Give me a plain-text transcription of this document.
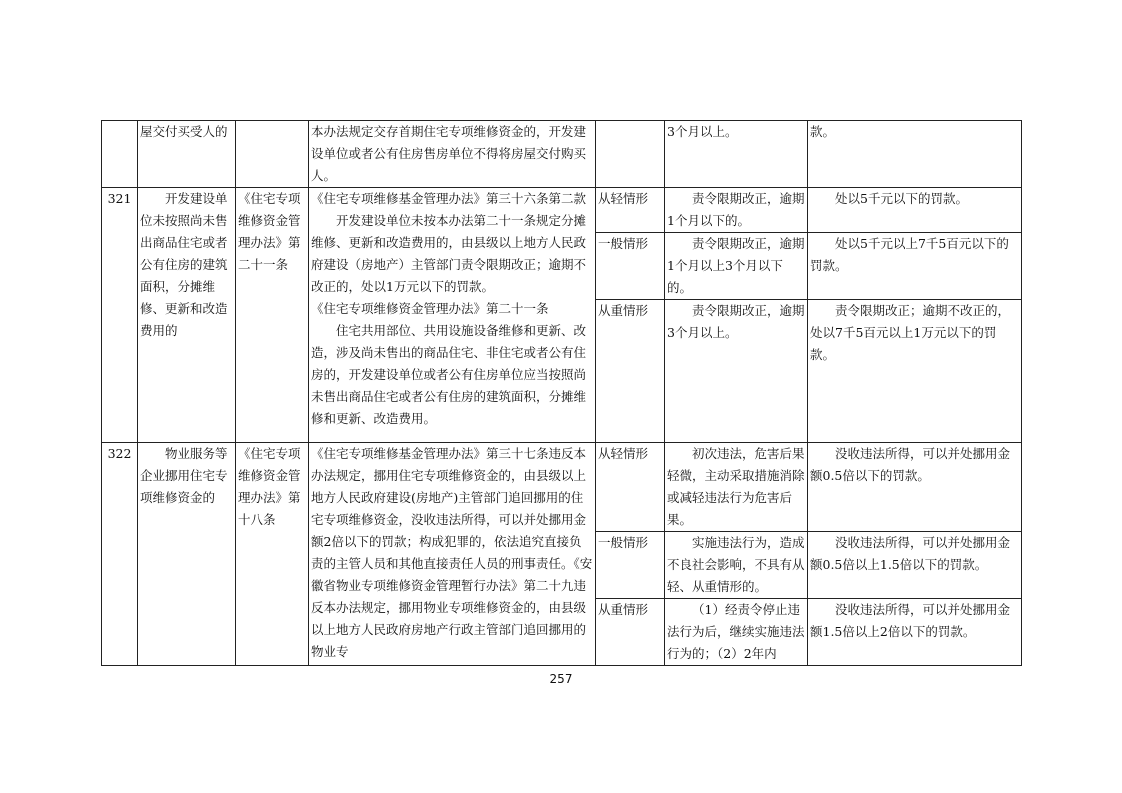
	屋交付买受人的		本办法规定交存首期住宅专项维修资金的，开发建设单位或者公有住房售房单位不得将房屋交付购买人。		3个月以上。	款。
321	开发建设单位未按照尚未售出商品住宅或者公有住房的建筑面积，分摊维修、更新和改造费用的	《住宅专项维修资金管理办法》第二十一条	《住宅专项维修基金管理办法》第三十六条第二款
开发建设单位未按本办法第二十一条规定分摊维修、更新和改造费用的，由县级以上地方人民政府建设（房地产）主管部门责令限期改正；逾期不改正的，处以1万元以下的罚款。
《住宅专项维修资金管理办法》第二十一条
住宅共用部位、共用设施设备维修和更新、改造，涉及尚未售出的商品住宅、非住宅或者公有住房的，开发建设单位或者公有住房单位应当按照尚未售出商品住宅或者公有住房的建筑面积，分摊维修和更新、改造费用。	从轻情形	责令限期改正，逾期1个月以下的。	处以5千元以下的罚款。
				一般情形	责令限期改正，逾期1个月以上3个月以下的。	处以5千元以上7千5百元以下的罚款。
				从重情形	责令限期改正，逾期3个月以上。	责令限期改正；逾期不改正的，处以7千5百元以上1万元以下的罚款。
322	物业服务等企业挪用住宅专项维修资金的	《住宅专项维修资金管理办法》第十八条	《住宅专项维修基金管理办法》第三十七条违反本办法规定，挪用住宅专项维修资金的，由县级以上地方人民政府建设(房地产)主管部门追回挪用的住宅专项维修资金，没收违法所得，可以并处挪用金额2倍以下的罚款；构成犯罪的，依法追究直接负责的主管人员和其他直接责任人员的刑事责任。《安徽省物业专项维修资金管理暂行办法》第二十九违反本办法规定，挪用物业专项维修资金的，由县级以上地方人民政府房地产行政主管部门追回挪用的物业专	从轻情形	初次违法，危害后果轻微，主动采取措施消除或减轻违法行为危害后果。	没收违法所得，可以并处挪用金额0.5倍以下的罚款。
				一般情形	实施违法行为，造成不良社会影响，不具有从轻、从重情形的。	没收违法所得，可以并处挪用金额0.5倍以上1.5倍以下的罚款。
				从重情形	（1）经责令停止违法行为后，继续实施违法行为的；（2）2年内	没收违法所得，可以并处挪用金额1.5倍以上2倍以下的罚款。
257
